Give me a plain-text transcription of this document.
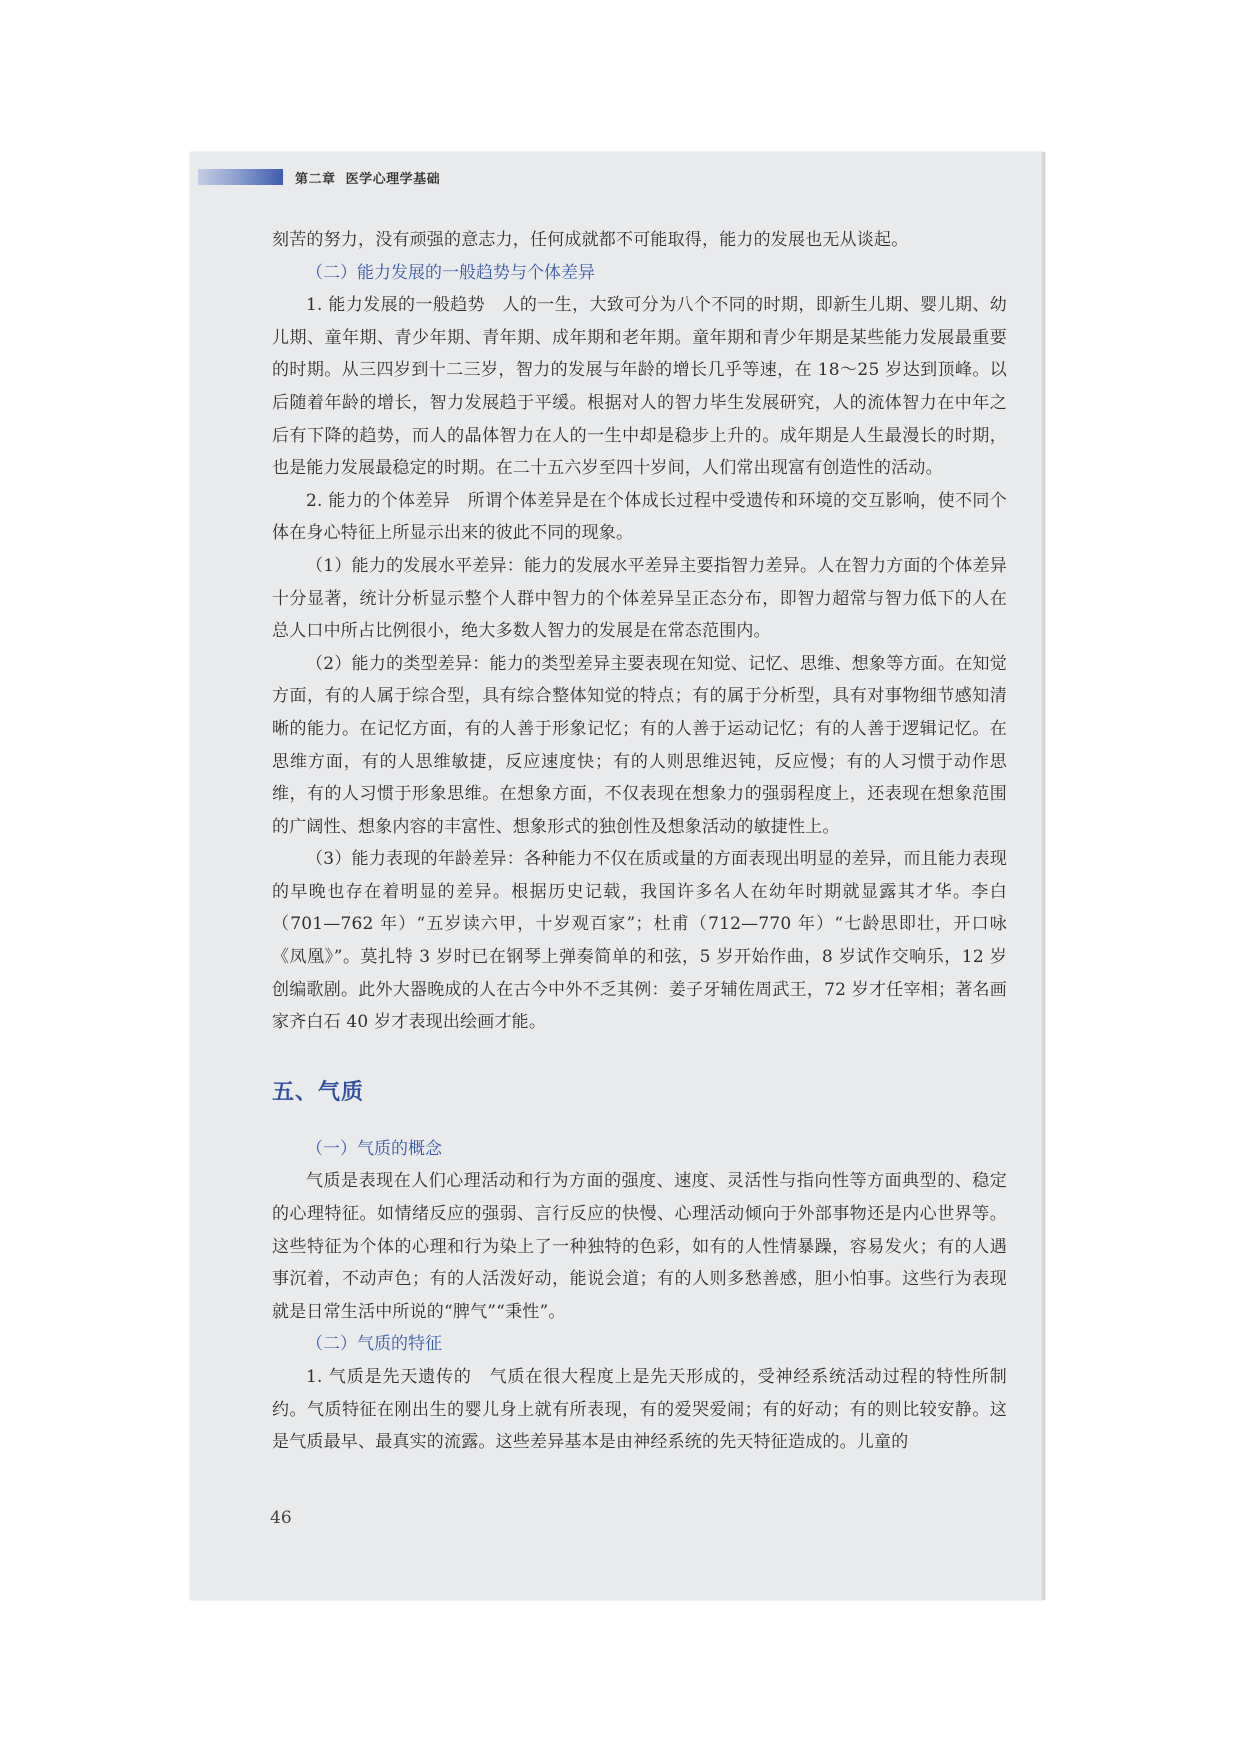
第二章 医学心理学基础

刻苦的努力，没有顽强的意志力，任何成就都不可能取得，能力的发展也无从谈起。

（二）能力发展的一般趋势与个体差异

1. 能力发展的一般趋势　人的一生，大致可分为八个不同的时期，即新生儿期、婴儿期、幼儿期、童年期、青少年期、青年期、成年期和老年期。童年期和青少年期是某些能力发展最重要的时期。从三四岁到十二三岁，智力的发展与年龄的增长几乎等速，在 18～25 岁达到顶峰。以后随着年龄的增长，智力发展趋于平缓。根据对人的智力毕生发展研究，人的流体智力在中年之后有下降的趋势，而人的晶体智力在人的一生中却是稳步上升的。成年期是人生最漫长的时期，也是能力发展最稳定的时期。在二十五六岁至四十岁间，人们常出现富有创造性的活动。

2. 能力的个体差异　所谓个体差异是在个体成长过程中受遗传和环境的交互影响，使不同个体在身心特征上所显示出来的彼此不同的现象。

（1）能力的发展水平差异：能力的发展水平差异主要指智力差异。人在智力方面的个体差异十分显著，统计分析显示整个人群中智力的个体差异呈正态分布，即智力超常与智力低下的人在总人口中所占比例很小，绝大多数人智力的发展是在常态范围内。

（2）能力的类型差异：能力的类型差异主要表现在知觉、记忆、思维、想象等方面。在知觉方面，有的人属于综合型，具有综合整体知觉的特点；有的属于分析型，具有对事物细节感知清晰的能力。在记忆方面，有的人善于形象记忆；有的人善于运动记忆；有的人善于逻辑记忆。在思维方面，有的人思维敏捷，反应速度快；有的人则思维迟钝，反应慢；有的人习惯于动作思维，有的人习惯于形象思维。在想象方面，不仅表现在想象力的强弱程度上，还表现在想象范围的广阔性、想象内容的丰富性、想象形式的独创性及想象活动的敏捷性上。

（3）能力表现的年龄差异：各种能力不仅在质或量的方面表现出明显的差异，而且能力表现的早晚也存在着明显的差异。根据历史记载，我国许多名人在幼年时期就显露其才华。李白（701—762 年）“五岁读六甲，十岁观百家”；杜甫（712—770 年）“七龄思即壮，开口咏《凤凰》”。莫扎特 3 岁时已在钢琴上弹奏简单的和弦，5 岁开始作曲，8 岁试作交响乐，12 岁创编歌剧。此外大器晚成的人在古今中外不乏其例：姜子牙辅佐周武王，72 岁才任宰相；著名画家齐白石 40 岁才表现出绘画才能。

五、气质

（一）气质的概念

气质是表现在人们心理活动和行为方面的强度、速度、灵活性与指向性等方面典型的、稳定的心理特征。如情绪反应的强弱、言行反应的快慢、心理活动倾向于外部事物还是内心世界等。这些特征为个体的心理和行为染上了一种独特的色彩，如有的人性情暴躁，容易发火；有的人遇事沉着，不动声色；有的人活泼好动，能说会道；有的人则多愁善感，胆小怕事。这些行为表现就是日常生活中所说的“脾气”“秉性”。

（二）气质的特征

1. 气质是先天遗传的　气质在很大程度上是先天形成的，受神经系统活动过程的特性所制约。气质特征在刚出生的婴儿身上就有所表现，有的爱哭爱闹；有的好动；有的则比较安静。这是气质最早、最真实的流露。这些差异基本是由神经系统的先天特征造成的。儿童的

46
